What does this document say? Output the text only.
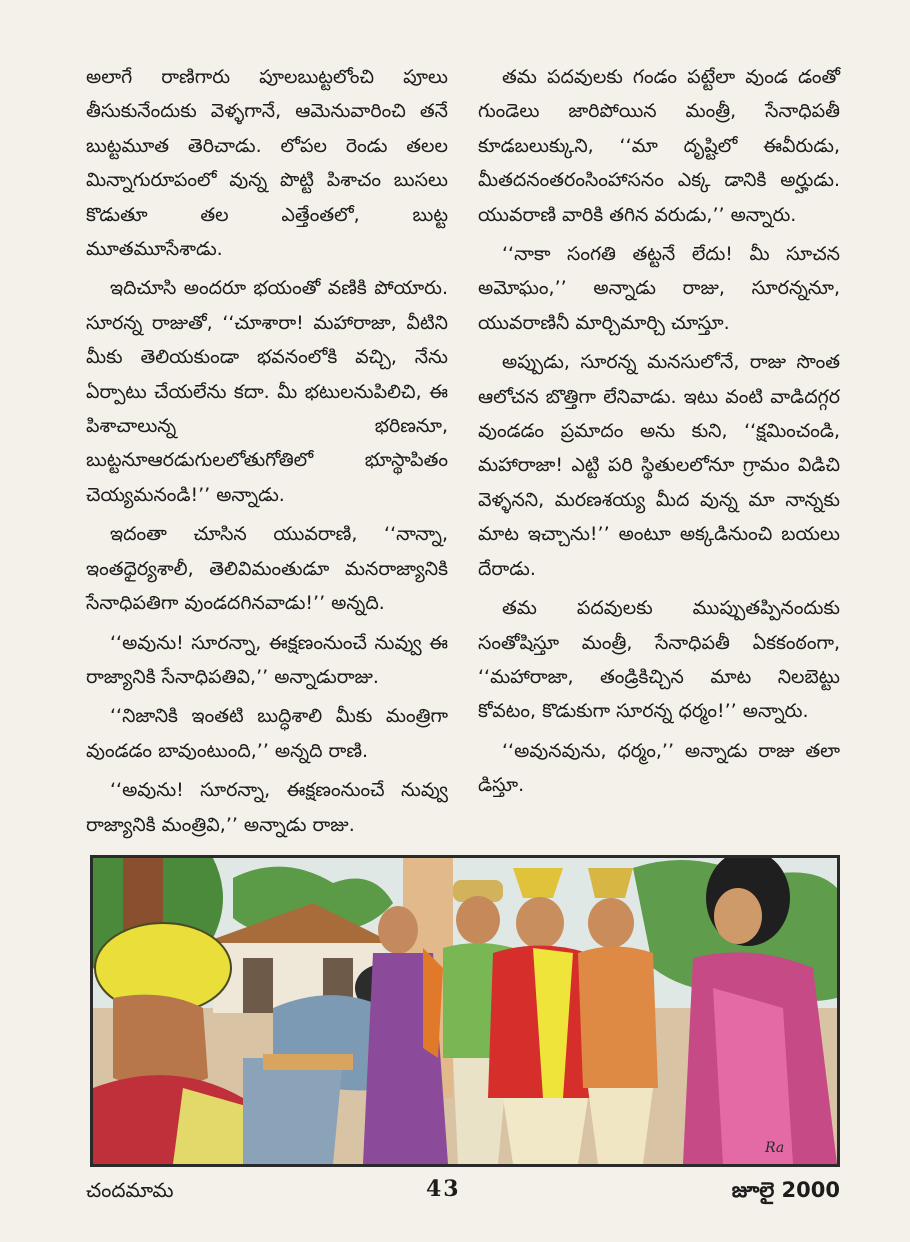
అలాగే రాణిగారు పూలబుట్టలోంచి పూలు తీసుకునేందుకు వెళ్ళగానే, ఆమెనువారించి తనే బుట్టమూత తెరిచాడు. లోపల రెండు తలల మిన్నాగురూపంలో వున్న పొట్టి పిశాచం బుసలు కొడుతూ తల ఎత్తేంతలో, బుట్ట మూతమూసేశాడు.

ఇదిచూసి అందరూ భయంతో వణికి పోయారు. సూరన్న రాజుతో, ‘‘చూశారా! మహారాజా, వీటిని మీకు తెలియకుండా భవనంలోకి వచ్చి, నేను ఏర్పాటు చేయలేను కదా. మీ భటులనుపిలిచి, ఈ పిశాచాలున్న భరిణనూ, బుట్టనూఆరడుగులలోతుగోతిలో భూస్థాపితం చెయ్యమనండి!’’ అన్నాడు.

ఇదంతా చూసిన యువరాణి, ‘‘నాన్నా, ఇంతధైర్యశాలీ, తెలివిమంతుడూ మనరాజ్యానికి సేనాధిపతిగా వుండదగినవాడు!’’ అన్నది.

‘‘అవును! సూరన్నా, ఈక్షణంనుంచే నువ్వు ఈ రాజ్యానికి సేనాధిపతివి,’’ అన్నాడురాజు.

‘‘నిజానికి ఇంతటి బుద్ధిశాలి మీకు మంత్రిగా వుండడం బావుంటుంది,’’ అన్నది రాణి.

‘‘అవును! సూరన్నా, ఈక్షణంనుంచే నువ్వు రాజ్యానికి మంత్రివి,’’ అన్నాడు రాజు.

తమ పదవులకు గండం పట్టేలా వుండ డంతో గుండెలు జారిపోయిన మంత్రీ, సేనాధిపతీ కూడబలుక్కుని, ‘‘మా దృష్టిలో ఈవీరుడు, మీతదనంతరంసింహాసనం ఎక్క డానికి అర్హుడు. యువరాణి వారికి తగిన వరుడు,’’ అన్నారు.

‘‘నాకా సంగతి తట్టనే లేదు! మీ సూచన అమోఘం,’’ అన్నాడు రాజు, సూరన్ననూ, యువరాణినీ మార్చిమార్చి చూస్తూ.

అప్పుడు, సూరన్న మనసులోనే, రాజు సొంత ఆలోచన బొత్తిగా లేనివాడు. ఇటు వంటి వాడిదగ్గర వుండడం ప్రమాదం అను కుని, ‘‘క్షమించండి, మహారాజా! ఎట్టి పరి స్థితులలోనూ గ్రామం విడిచి వెళ్ళనని, మరణశయ్య మీద వున్న మా నాన్నకు మాట ఇచ్చాను!’’ అంటూ అక్కడినుంచి బయలు దేరాడు.

తమ పదవులకు ముప్పుతప్పినందుకు సంతోషిస్తూ మంత్రీ, సేనాధిపతీ ఏకకంఠంగా, ‘‘మహారాజా, తండ్రికిచ్చిన మాట నిలబెట్టు కోవటం, కొడుకుగా సూరన్న ధర్మం!’’ అన్నారు.

‘‘అవునవును, ధర్మం,’’ అన్నాడు రాజు తలా డిస్తూ.

Ra
చందమామ	43	జూలై 2000
